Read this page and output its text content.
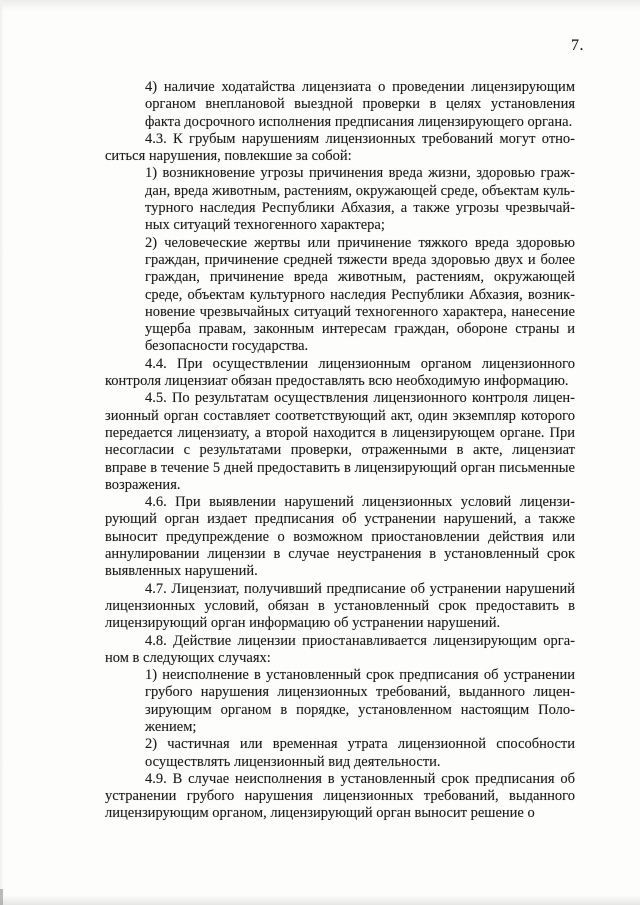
7.
4) наличие ходатайства лицензиата о проведении лицензирующим
органом внеплановой выездной проверки в целях установления
факта досрочного исполнения предписания лицензирующего органа.
4.3. К грубым нарушениям лицензионных требований могут отно-
ситься нарушения, повлекшие за собой:
1) возникновение угрозы причинения вреда жизни, здоровью граж-
дан, вреда животным, растениям, окружающей среде, объектам куль-
турного наследия Республики Абхазия, а также угрозы чрезвычай-
ных ситуаций техногенного характера;
2) человеческие жертвы или причинение тяжкого вреда здоровью
граждан, причинение средней тяжести вреда здоровью двух и более
граждан, причинение вреда животным, растениям, окружающей
среде, объектам культурного наследия Республики Абхазия, возник-
новение чрезвычайных ситуаций техногенного характера, нанесение
ущерба правам, законным интересам граждан, обороне страны и
безопасности государства.
4.4. При осуществлении лицензионным органом лицензионного
контроля лицензиат обязан предоставлять всю необходимую информацию.
4.5. По результатам осуществления лицензионного контроля лицен-
зионный орган составляет соответствующий акт, один экземпляр которого
передается лицензиату, а второй находится в лицензирующем органе. При
несогласии с результатами проверки, отраженными в акте, лицензиат
вправе в течение 5 дней предоставить в лицензирующий орган письменные
возражения.
4.6. При выявлении нарушений лицензионных условий лицензи-
рующий орган издает предписания об устранении нарушений, а также
выносит предупреждение о возможном приостановлении действия или
аннулировании лицензии в случае неустранения в установленный срок
выявленных нарушений.
4.7. Лицензиат, получивший предписание об устранении нарушений
лицензионных условий, обязан в установленный срок предоставить в
лицензирующий орган информацию об устранении нарушений.
4.8. Действие лицензии приостанавливается лицензирующим орга-
ном в следующих случаях:
1) неисполнение в установленный срок предписания об устранении
грубого нарушения лицензионных требований, выданного лицен-
зирующим органом в порядке, установленном настоящим Поло-
жением;
2) частичная или временная утрата лицензионной способности
осуществлять лицензионный вид деятельности.
4.9. В случае неисполнения в установленный срок предписания об
устранении грубого нарушения лицензионных требований, выданного
лицензирующим органом, лицензирующий орган выносит решение о
